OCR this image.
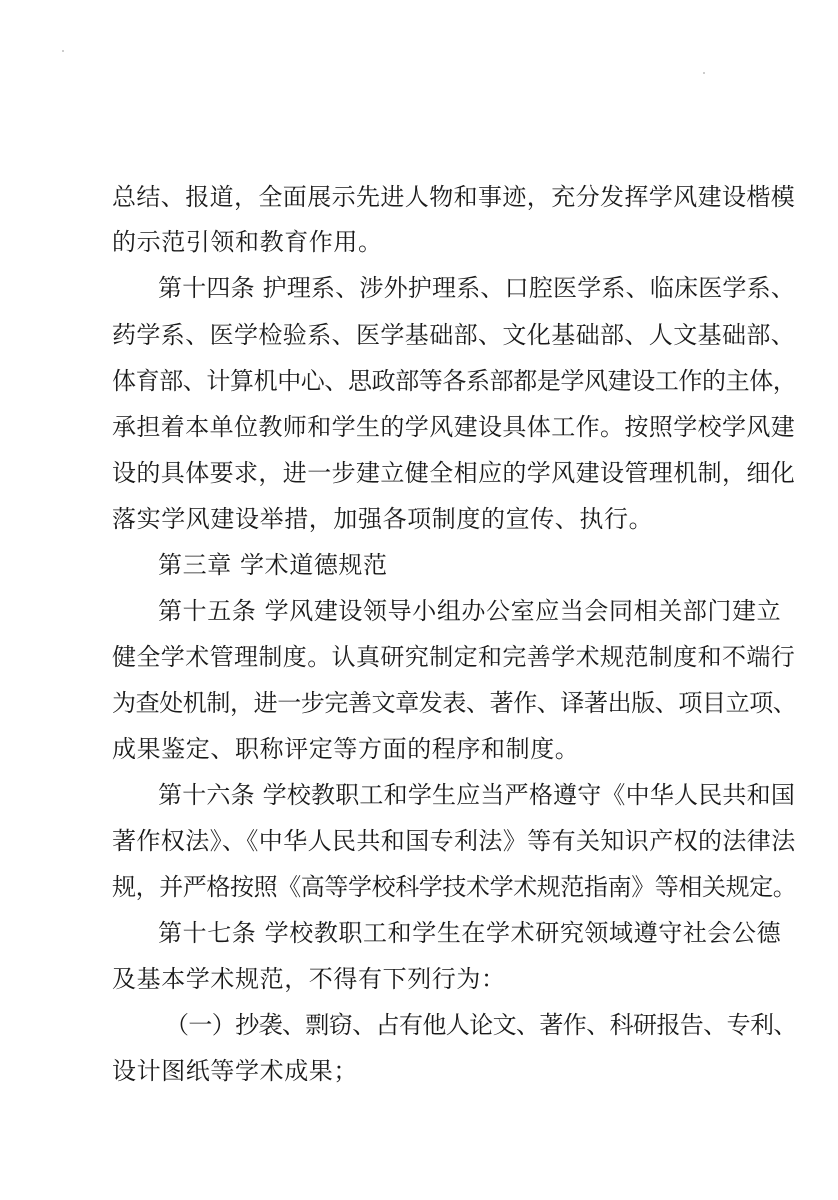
总结、报道，全面展示先进人物和事迹，充分发挥学风建设楷模
的示范引领和教育作用。
第十四条 护理系、涉外护理系、口腔医学系、临床医学系、
药学系、医学检验系、医学基础部、文化基础部、人文基础部、
体育部、计算机中心、思政部等各系部都是学风建设工作的主体，
承担着本单位教师和学生的学风建设具体工作。按照学校学风建
设的具体要求，进一步建立健全相应的学风建设管理机制，细化
落实学风建设举措，加强各项制度的宣传、执行。
第三章 学术道德规范
第十五条 学风建设领导小组办公室应当会同相关部门建立
健全学术管理制度。认真研究制定和完善学术规范制度和不端行
为查处机制，进一步完善文章发表、著作、译著出版、项目立项、
成果鉴定、职称评定等方面的程序和制度。
第十六条 学校教职工和学生应当严格遵守《中华人民共和国
著作权法》、《中华人民共和国专利法》等有关知识产权的法律法
规，并严格按照《高等学校科学技术学术规范指南》等相关规定。
第十七条 学校教职工和学生在学术研究领域遵守社会公德
及基本学术规范，不得有下列行为：
（一）抄袭、剽窃、占有他人论文、著作、科研报告、专利、
设计图纸等学术成果；
